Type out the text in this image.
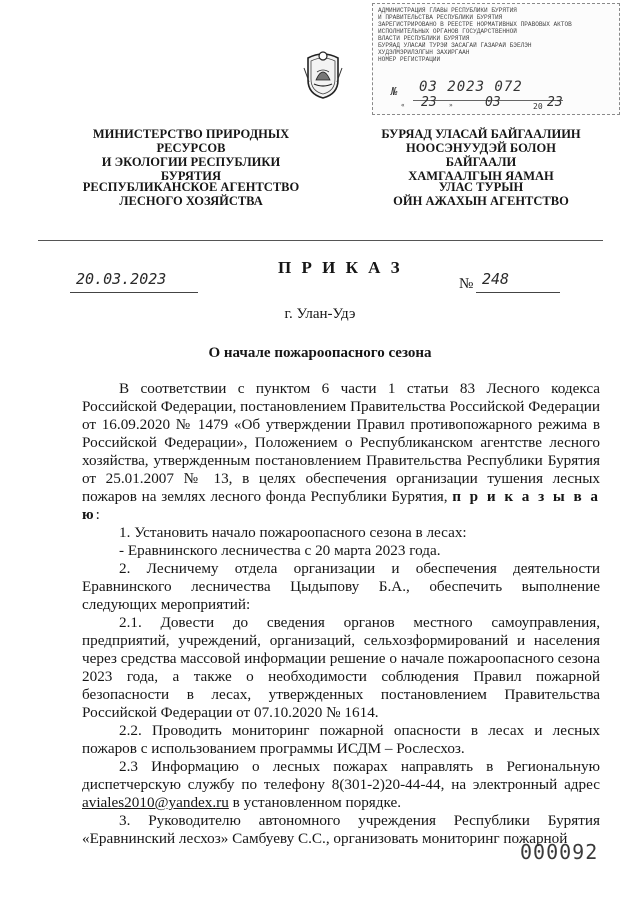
АДМИНИСТРАЦИЯ ГЛАВЫ РЕСПУБЛИКИ БУРЯТИЯ
И ПРАВИТЕЛЬСТВА РЕСПУБЛИКИ БУРЯТИЯ
ЗАРЕГИСТРИРОВАНО В РЕЕСТРЕ НОРМАТИВНЫХ ПРАВОВЫХ АКТОВ
ИСПОЛНИТЕЛЬНЫХ ОРГАНОВ ГОСУДАРСТВЕННОЙ
ВЛАСТИ РЕСПУБЛИКИ БУРЯТИЯ
БУРЯАД УЛАСАЙ ТУРЭЙ ЗАСАГАЙ ГАЗАРАЙ БЭЕЛЭН
ХУДЭЛМЭРИЛЭЛГЫН ЗАХИРГААН
НОМЕР РЕГИСТРАЦИИ
№ 03 2023 072
« 23 » 03	20 23
МИНИСТЕРСТВО ПРИРОДНЫХ РЕСУРСОВ
И ЭКОЛОГИИ РЕСПУБЛИКИ БУРЯТИЯ
РЕСПУБЛИКАНСКОЕ АГЕНТСТВО
ЛЕСНОГО ХОЗЯЙСТВА
БУРЯАД УЛАСАЙ БАЙГААЛИИН
НООСЭНУУДЭЙ БОЛОН БАЙГААЛИ
ХАМГААЛГЫН ЯАМАН
УЛАС ТУРЫН
ОЙН АЖАХЫН АГЕНТСТВО
П Р И К А З
20.03.2023	№ 248
г. Улан-Удэ
О начале пожароопасного сезона

В соответствии с пунктом 6 части 1 статьи 83 Лесного кодекса Российской Федерации, постановлением Правительства Российской Федерации от 16.09.2020 № 1479 «Об утверждении Правил противопожарного режима в Российской Федерации», Положением о Республиканском агентстве лесного хозяйства, утвержденным постановлением Правительства Республики Бурятия от 25.01.2007 № 13, в целях обеспечения организации тушения лесных пожаров на землях лесного фонда Республики Бурятия, п р и к а з ы в а ю:

1. Установить начало пожароопасного сезона в лесах:

- Еравнинского лесничества с 20 марта 2023 года.

2. Лесничему отдела организации и обеспечения деятельности Еравнинского лесничества Цыдыпову Б.А., обеспечить выполнение следующих мероприятий:

2.1. Довести до сведения органов местного самоуправления, предприятий, учреждений, организаций, сельхозформирований и населения через средства массовой информации решение о начале пожароопасного сезона 2023 года, а также о необходимости соблюдения Правил пожарной безопасности в лесах, утвержденных постановлением Правительства Российской Федерации от 07.10.2020 № 1614.

2.2. Проводить мониторинг пожарной опасности в лесах и лесных пожаров с использованием программы ИСДМ – Рослесхоз.

2.3 Информацию о лесных пожарах направлять в Региональную диспетчерскую службу по телефону 8(301-2)20-44-44, на электронный адрес aviales2010@yandex.ru в установленном порядке.

3. Руководителю автономного учреждения Республики Бурятия «Еравнинский лесхоз» Самбуеву С.С., организовать мониторинг пожарной

000092
